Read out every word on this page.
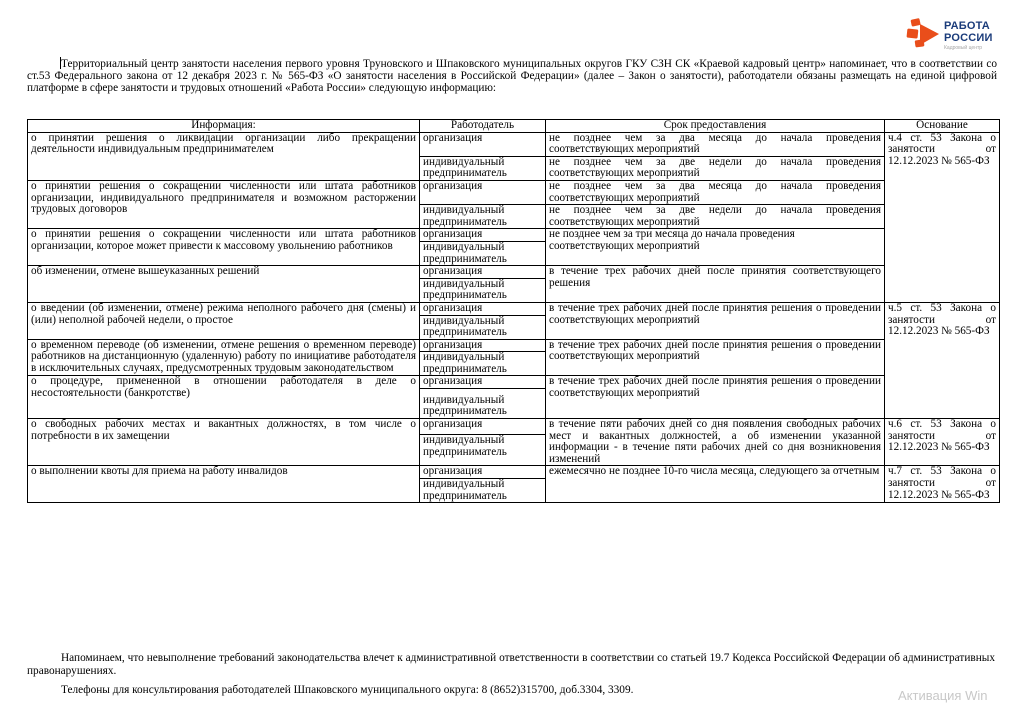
РАБОТА
РОССИИ
Кадровый центр
Территориальный центр занятости населения первого уровня Труновского и Шпаковского муниципальных округов ГКУ СЗН СК «Краевой кадровый центр» напоминает, что в соответствии со ст.53 Федерального закона от 12 декабря 2023 г. № 565-ФЗ «О занятости населения в Российской Федерации» (далее – Закон о занятости), работодатели обязаны размещать на единой цифровой платформе в сфере занятости и трудовых отношений «Работа России» следующую информацию:
Информация:	Работодатель	Срок предоставления	Основание
о принятии решения о ликвидации организации либо прекращении деятельности индивидуальным предпринимателем	организация	не позднее чем за два месяца до начала проведения соответствующих мероприятий	ч.4 ст. 53 Закона о занятости от 12.12.2023 № 565-ФЗ
	индивидуальный предприниматель	не позднее чем за две недели до начала проведения соответствующих мероприятий	
о принятии решения о сокращении численности или штата работников организации, индивидуального предпринимателя и возможном расторжении трудовых договоров	организация	не позднее чем за два месяца до начала проведения соответствующих мероприятий	
	индивидуальный предприниматель	не позднее чем за две недели до начала проведения соответствующих мероприятий	
о принятии решения о сокращении численности или штата работников организации, которое может привести к массовому увольнению работников	организация	не позднее чем за три месяца до начала проведения соответствующих мероприятий	
	индивидуальный предприниматель		
об изменении, отмене вышеуказанных решений	организация	в течение трех рабочих дней после принятия соответствующего решения	
	индивидуальный предприниматель		
о введении (об изменении, отмене) режима неполного рабочего дня (смены) и (или) неполной рабочей недели, о простое	организация	в течение трех рабочих дней после принятия решения о проведении соответствующих мероприятий	ч.5 ст. 53 Закона о занятости от 12.12.2023 № 565-ФЗ
	индивидуальный предприниматель		
о временном переводе (об изменении, отмене решения о временном переводе) работников на дистанционную (удаленную) работу по инициативе работодателя в исключительных случаях, предусмотренных трудовым законодательством	организация	в течение трех рабочих дней после принятия решения о проведении соответствующих мероприятий	
	индивидуальный предприниматель		
о процедуре, примененной в отношении работодателя в деле о несостоятельности (банкротстве)	организация	в течение трех рабочих дней после принятия решения о проведении соответствующих мероприятий	
	индивидуальный предприниматель		
о свободных рабочих местах и вакантных должностях, в том числе о потребности в их замещении	организация	в течение пяти рабочих дней со дня появления свободных рабочих мест и вакантных должностей, а об изменении указанной информации - в течение пяти рабочих дней со дня возникновения изменений	ч.6 ст. 53 Закона о занятости от 12.12.2023 № 565-ФЗ
	индивидуальный предприниматель		
о выполнении квоты для приема на работу инвалидов	организация	ежемесячно не позднее 10-го числа месяца, следующего за отчетным	ч.7 ст. 53 Закона о занятости от 12.12.2023 № 565-ФЗ
	индивидуальный предприниматель		

Напоминаем, что невыполнение требований законодательства влечет к административной ответственности в соответствии со статьей 19.7 Кодекса Российской Федерации об административных правонарушениях.

Телефоны для консультирования работодателей Шпаковского муниципального округа: 8 (8652)315700, доб.3304, 3309.	Активация Win
